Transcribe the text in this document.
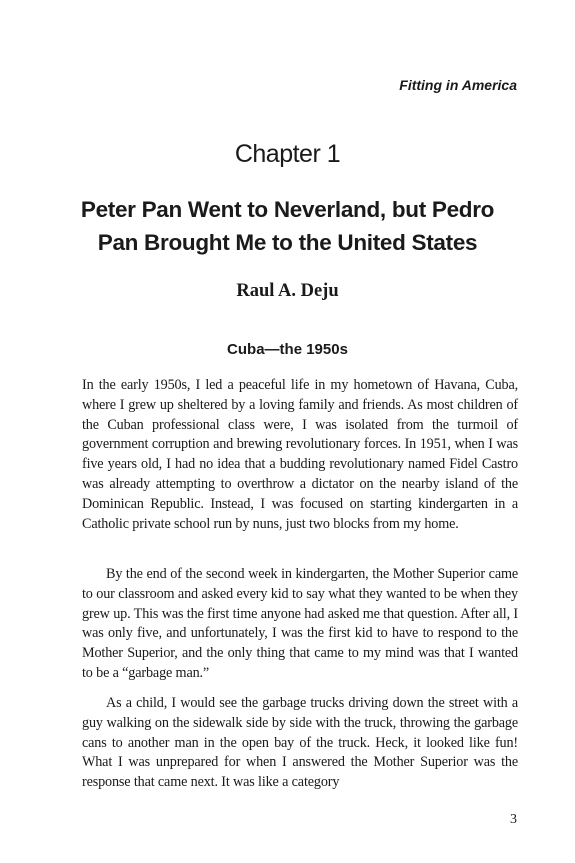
Fitting in America
Chapter 1
Peter Pan Went to Neverland, but Pedro Pan Brought Me to the United States
Raul A. Deju
Cuba—the 1950s

In the early 1950s, I led a peaceful life in my hometown of Havana, Cuba, where I grew up sheltered by a loving family and friends. As most children of the Cuban professional class were, I was isolated from the turmoil of government corruption and brewing revolutionary forces. In 1951, when I was five years old, I had no idea that a budding revolutionary named Fidel Castro was already attempting to overthrow a dictator on the nearby island of the Dominican Republic. Instead, I was focused on starting kindergarten in a Catholic private school run by nuns, just two blocks from my home.

By the end of the second week in kindergarten, the Mother Superior came to our classroom and asked every kid to say what they wanted to be when they grew up. This was the first time anyone had asked me that question. After all, I was only five, and unfortunately, I was the first kid to have to respond to the Mother Superior, and the only thing that came to my mind was that I wanted to be a “garbage man.”

As a child, I would see the garbage trucks driving down the street with a guy walking on the sidewalk side by side with the truck, throwing the garbage cans to another man in the open bay of the truck. Heck, it looked like fun! What I was unprepared for when I answered the Mother Superior was the response that came next. It was like a category

3
